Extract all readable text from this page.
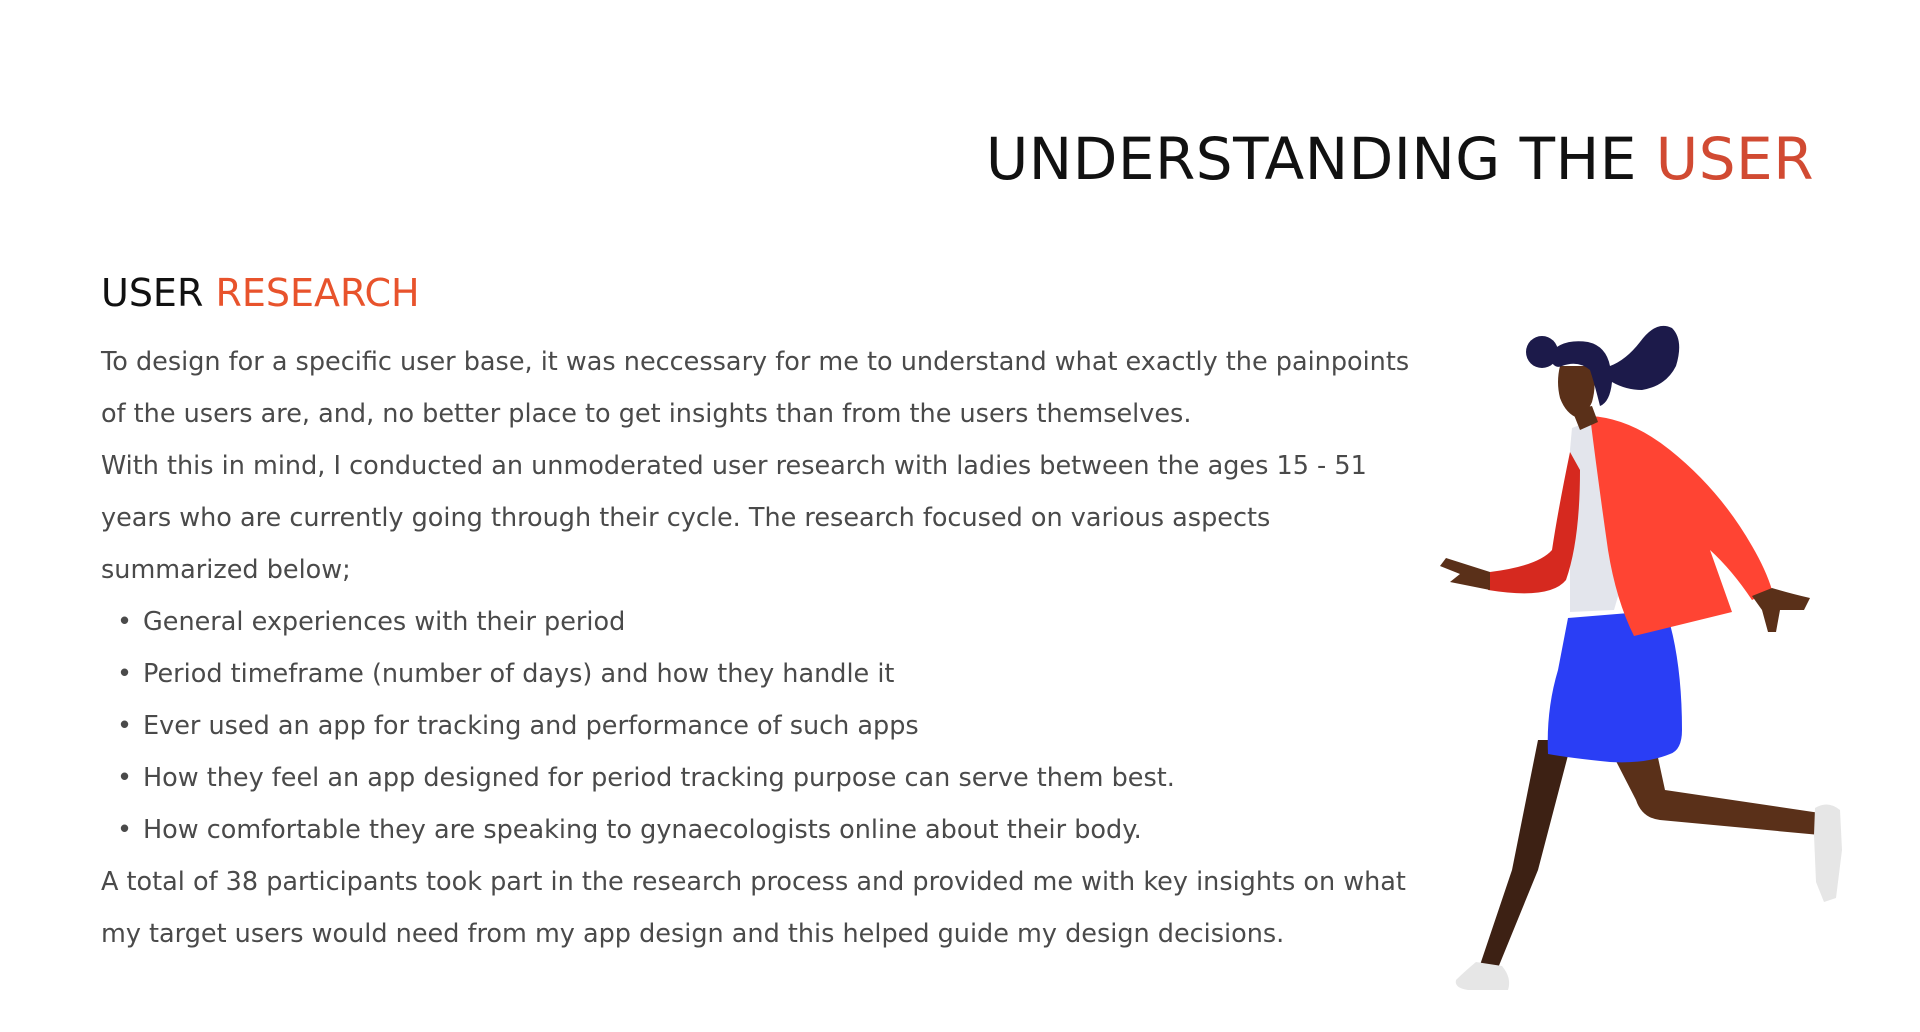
UNDERSTANDING THE USER
USER RESEARCH

To design for a specific user base, it was neccessary for me to understand what exactly the painpoints

of the users are, and, no better place to get insights than from the users themselves.

With this in mind, I conducted an unmoderated user research with ladies between the ages 15 - 51

years who are currently going through their cycle. The research focused on various aspects

summarized below;

• General experiences with their period
• Period timeframe (number of days) and how they handle it
• Ever used an app for tracking and performance of such apps
• How they feel an app designed for period tracking purpose can serve them best.
• How comfortable they are speaking to gynaecologists online about their body.

A total of 38 participants took part in the research process and provided me with key insights on what

my target users would need from my app design and this helped guide my design decisions.
